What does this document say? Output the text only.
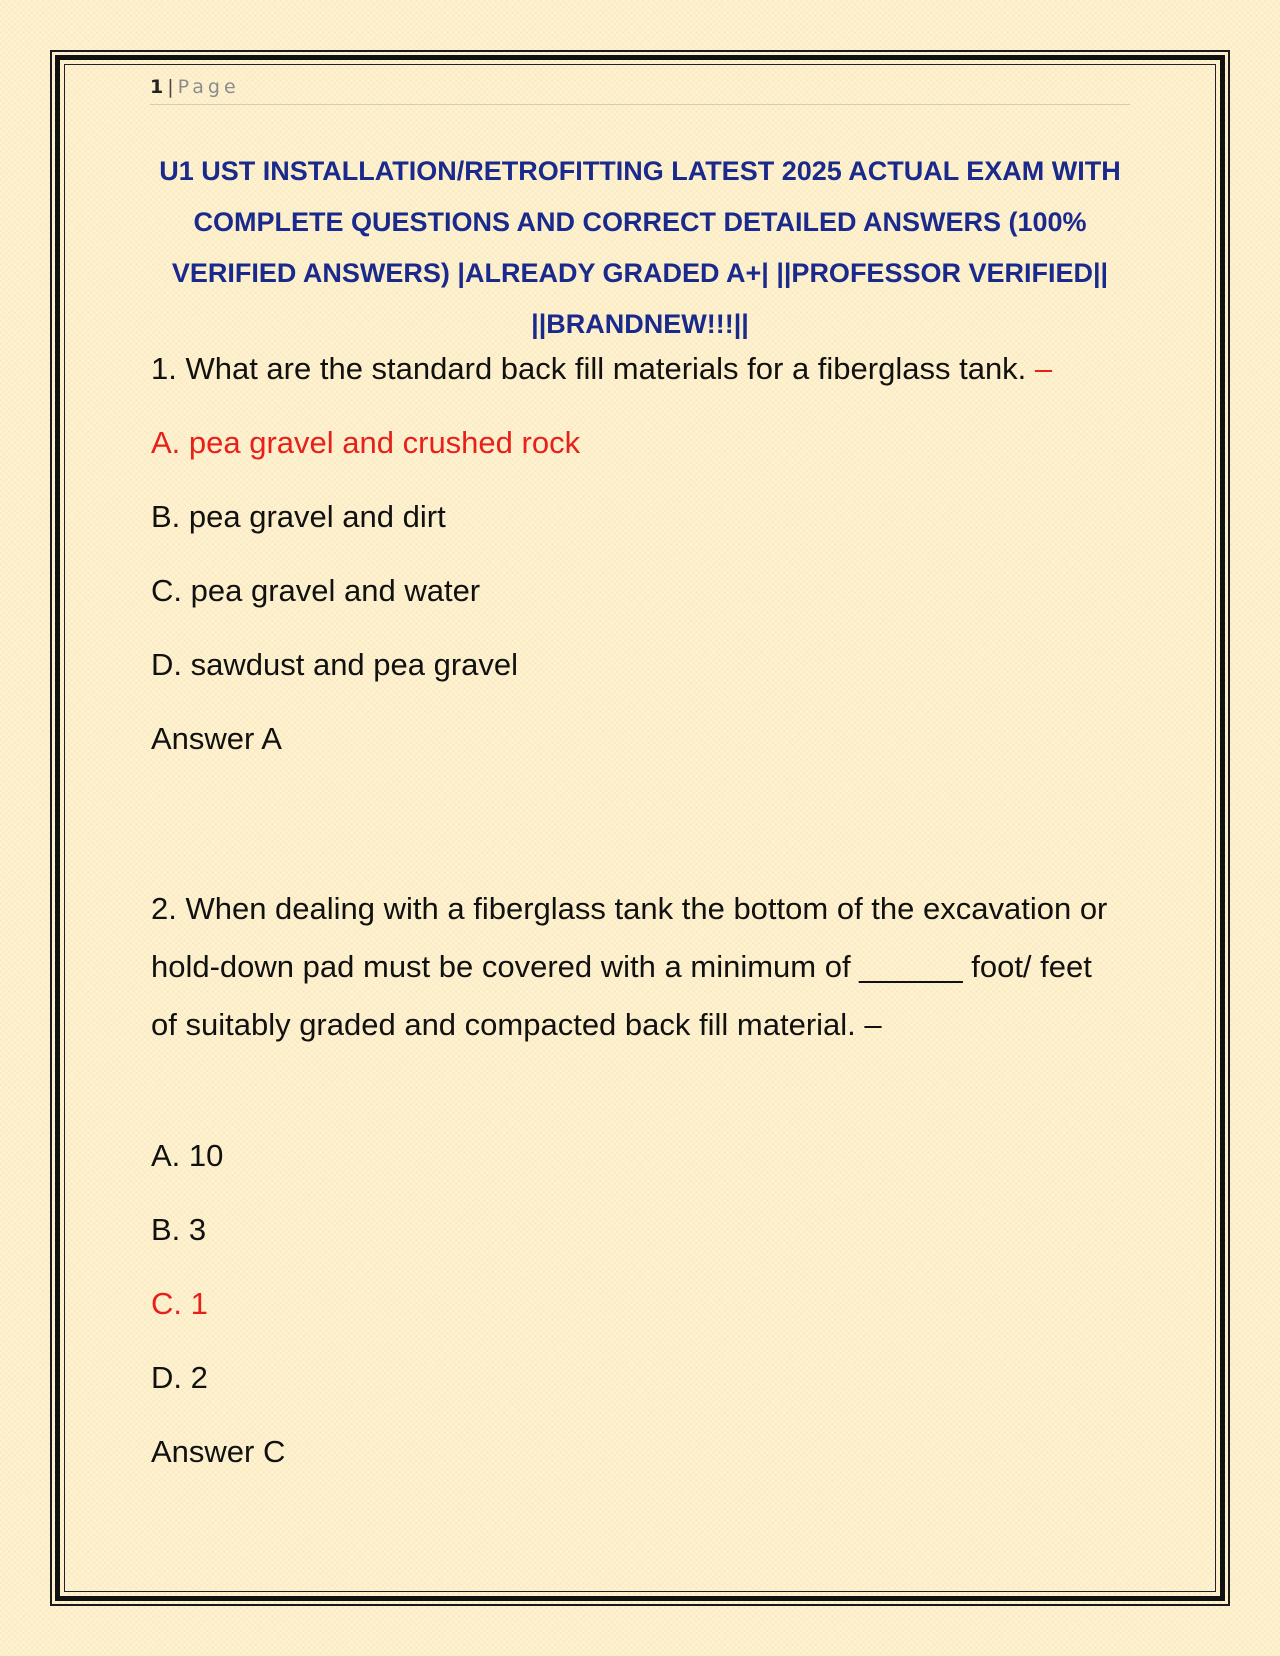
1 | Page
U1 UST INSTALLATION/RETROFITTING LATEST 2025 ACTUAL EXAM WITH COMPLETE QUESTIONS AND CORRECT DETAILED ANSWERS (100% VERIFIED ANSWERS) |ALREADY GRADED A+| ||PROFESSOR VERIFIED|| ||BRANDNEW!!!||
1. What are the standard back fill materials for a fiberglass tank. –
A. pea gravel and crushed rock
B. pea gravel and dirt
C. pea gravel and water
D. sawdust and pea gravel
Answer A
2. When dealing with a fiberglass tank the bottom of the excavation or hold-down pad must be covered with a minimum of ______ foot/ feet of suitably graded and compacted back fill material. –
A. 10
B. 3
C. 1
D. 2
Answer C
